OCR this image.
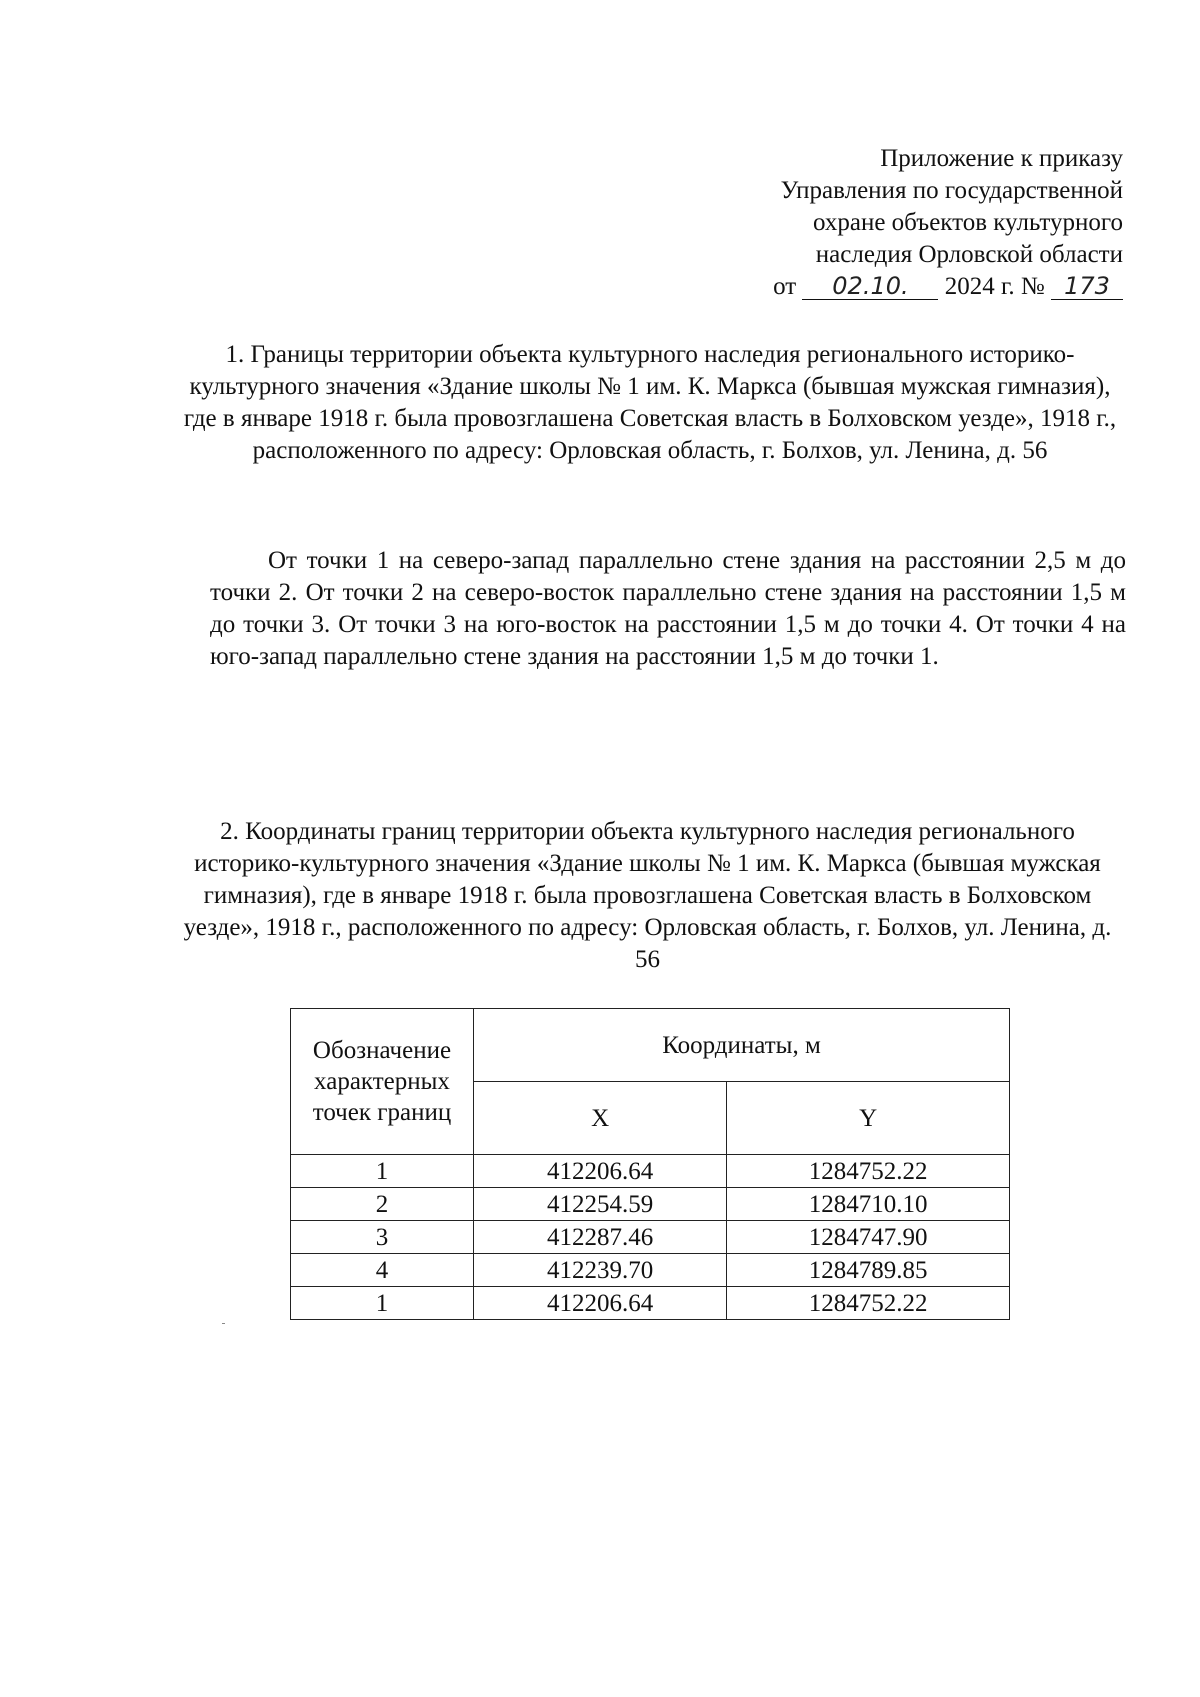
Приложение к приказу
Управления по государственной
охране объектов культурного
наследия Орловской области
от 02.10. 2024 г. № 173
1. Границы территории объекта культурного наследия регионального историко-культурного значения «Здание школы № 1 им. К. Маркса (бывшая мужская гимназия), где в январе 1918 г. была провозглашена Советская власть в Болховском уезде», 1918 г., расположенного по адресу: Орловская область, г. Болхов, ул. Ленина, д. 56
От точки 1 на северо-запад параллельно стене здания на расстоянии 2,5 м до точки 2. От точки 2 на северо-восток параллельно стене здания на расстоянии 1,5 м до точки 3. От точки 3 на юго-восток на расстоянии 1,5 м до точки 4. От точки 4 на юго-запад параллельно стене здания на расстоянии 1,5 м до точки 1.
2. Координаты границ территории объекта культурного наследия регионального историко-культурного значения «Здание школы № 1 им. К. Маркса (бывшая мужская гимназия), где в январе 1918 г. была провозглашена Советская власть в Болховском уезде», 1918 г., расположенного по адресу: Орловская область, г. Болхов, ул. Ленина, д. 56
Обозначение характерных точек границ	Координаты, м	
	X	Y
1	412206.64	1284752.22
2	412254.59	1284710.10
3	412287.46	1284747.90
4	412239.70	1284789.85
1	412206.64	1284752.22
